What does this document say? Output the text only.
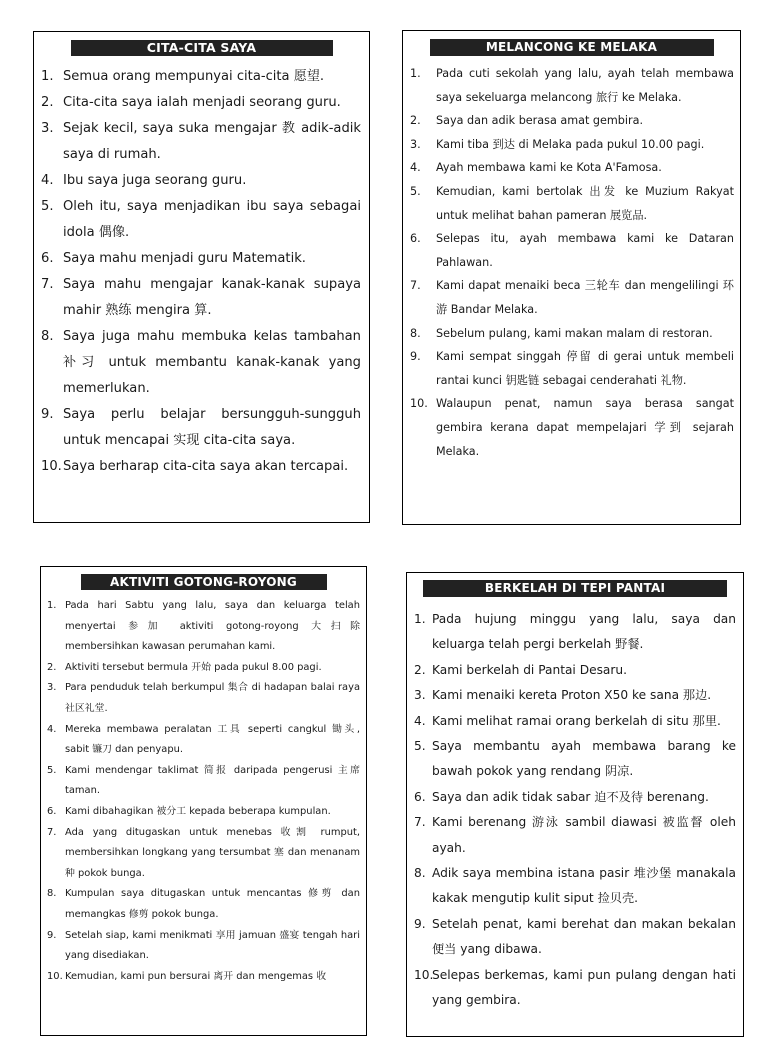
CITA-CITA SAYA
1. Semua orang mempunyai cita-cita 愿望.
2. Cita-cita saya ialah menjadi seorang guru.
3. Sejak kecil, saya suka mengajar 教 adik-adik saya di rumah.
4. Ibu saya juga seorang guru.
5. Oleh itu, saya menjadikan ibu saya sebagai idola 偶像.
6. Saya mahu menjadi guru Matematik.
7. Saya mahu mengajar kanak-kanak supaya mahir 熟练 mengira 算.
8. Saya juga mahu membuka kelas tambahan 补习 untuk membantu kanak-kanak yang memerlukan.
9. Saya perlu belajar bersungguh-sungguh untuk mencapai 实现 cita-cita saya.
10. Saya berharap cita-cita saya akan tercapai.
MELANCONG KE MELAKA
1.	Pada cuti sekolah yang lalu, ayah telah membawa saya sekeluarga melancong 旅行 ke Melaka.
2.	Saya dan adik berasa amat gembira.
3.	Kami tiba 到达 di Melaka pada pukul 10.00 pagi.
4.	Ayah membawa kami ke Kota A'Famosa.
5.	Kemudian, kami bertolak 出发 ke Muzium Rakyat untuk melihat bahan pameran 展览品.
6.	Selepas itu, ayah membawa kami ke Dataran Pahlawan.
7.	Kami dapat menaiki beca 三轮车 dan mengelilingi 环游 Bandar Melaka.
8.	Sebelum pulang, kami makan malam di restoran.
9.	Kami sempat singgah 停留 di gerai untuk membeli rantai kunci 钥匙链 sebagai cenderahati 礼物.
10. Walaupun penat, namun saya berasa sangat gembira kerana dapat mempelajari 学到 sejarah Melaka.
AKTIVITI GOTONG-ROYONG
1. Pada hari Sabtu yang lalu, saya dan keluarga telah menyertai 参加 aktiviti gotong-royong 大扫除 membersihkan kawasan perumahan kami.
2. Aktiviti tersebut bermula 开始 pada pukul 8.00 pagi.
3. Para penduduk telah berkumpul 集合 di hadapan balai raya 社区礼堂.
4. Mereka membawa peralatan 工具 seperti cangkul 锄头, sabit 镰刀 dan penyapu.
5. Kami mendengar taklimat 简报 daripada pengerusi 主席 taman.
6. Kami dibahagikan 被分工 kepada beberapa kumpulan.
7. Ada yang ditugaskan untuk menebas 收割 rumput, membersihkan longkang yang tersumbat 塞 dan menanam 种 pokok bunga.
8. Kumpulan saya ditugaskan untuk mencantas 修剪 dan memangkas 修剪 pokok bunga.
9. Setelah siap, kami menikmati 享用 jamuan 盛宴 tengah hari yang disediakan.
10. Kemudian, kami pun bersurai 离开 dan mengemas 收
BERKELAH DI TEPI PANTAI
1. Pada hujung minggu yang lalu, saya dan keluarga telah pergi berkelah 野餐.
2. Kami berkelah di Pantai Desaru.
3. Kami menaiki kereta Proton X50 ke sana 那边.
4. Kami melihat ramai orang berkelah di situ 那里.
5. Saya membantu ayah membawa barang ke bawah pokok yang rendang 阴凉.
6. Saya dan adik tidak sabar 迫不及待 berenang.
7. Kami berenang 游泳 sambil diawasi 被监督 oleh ayah.
8. Adik saya membina istana pasir 堆沙堡 manakala kakak mengutip kulit siput 捡贝壳.
9. Setelah penat, kami berehat dan makan bekalan 便当 yang dibawa.
10.
Selepas berkemas, kami pun pulang dengan hati yang gembira.
